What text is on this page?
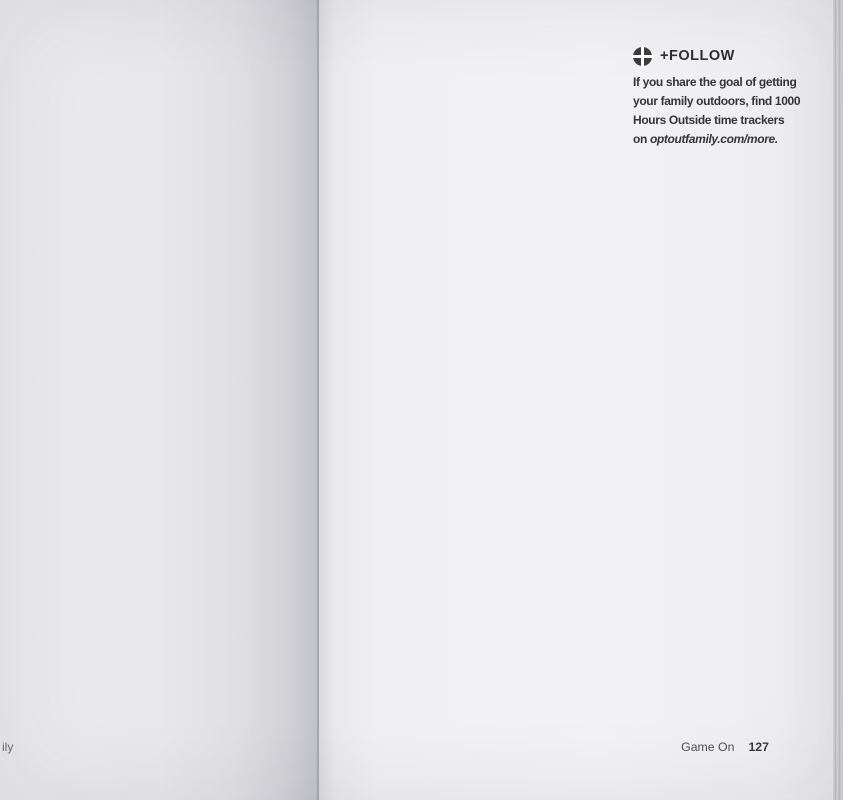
ily

+FOLLOW
If you share the goal of getting your family outdoors, find 1000 Hours Outside time trackers on optoutfamily.com/more.

Game On 127
